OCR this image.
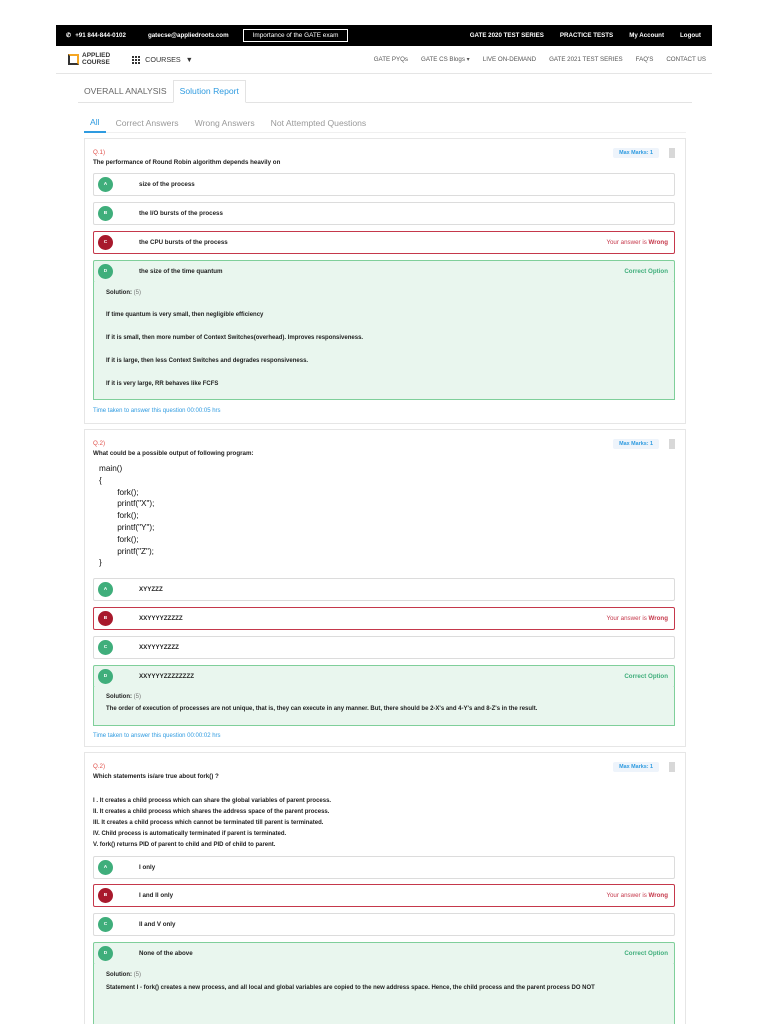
✆ +91 844-844-0102	gatecse@appliedroots.com	Importance of the GATE exam	GATE 2020 TEST SERIES	PRACTICE TESTS	My Account	Logout
APPLIED
COURSE	COURSES ▼	GATE PYQs GATE CS Blogs ▾ LIVE ON-DEMAND GATE 2021 TEST SERIES FAQ'S CONTACT US
OVERALL ANALYSIS	Solution Report
All	Correct Answers	Wrong Answers	Not Attempted Questions
Q.1)
The performance of Round Robin algorithm depends heavily on
Max Marks: 1
A	size of the process
B	the I/O bursts of the process
C	the CPU bursts of the process	Your answer is Wrong
D	the size of the time quantum	Correct Option
Solution: (5)
If time quantum is very small, then negligible efficiency
If it is small, then more number of Context Switches(overhead). Improves responsiveness.
If it is large, then less Context Switches and degrades responsiveness.
If it is very large, RR behaves like FCFS
Time taken to answer this question 00:00:05 hrs
Q.2)
What could be a possible output of following program:
Max Marks: 1
main()
{
fork();
printf("X");
fork();
printf("Y");
fork();
printf("Z");
}
A	XYYZZZ
B	XXYYYYZZZZZ	Your answer is Wrong
C	XXYYYYZZZZ
D	XXYYYYZZZZZZZZ	Correct Option
Solution: (5)
The order of execution of processes are not unique, that is, they can execute in any manner. But, there should be 2-X's and 4-Y's and 8-Z's in the result.
Time taken to answer this question 00:00:02 hrs
Q.2)
Which statements is/are true about fork() ?
Max Marks: 1
I . It creates a child process which can share the global variables of parent process.
II. It creates a child process which shares the address space of the parent process.
III. It creates a child process which cannot be terminated till parent is terminated.
IV. Child process is automatically terminated if parent is terminated.
V. fork() returns PID of parent to child and PID of child to parent.
A	I only
B	I and II only	Your answer is Wrong
C	II and V only
D	None of the above	Correct Option
Solution: (5)
Statement I - fork() creates a new process, and all local and global variables are copied to the new address space. Hence, the child process and the parent process DO NOT
